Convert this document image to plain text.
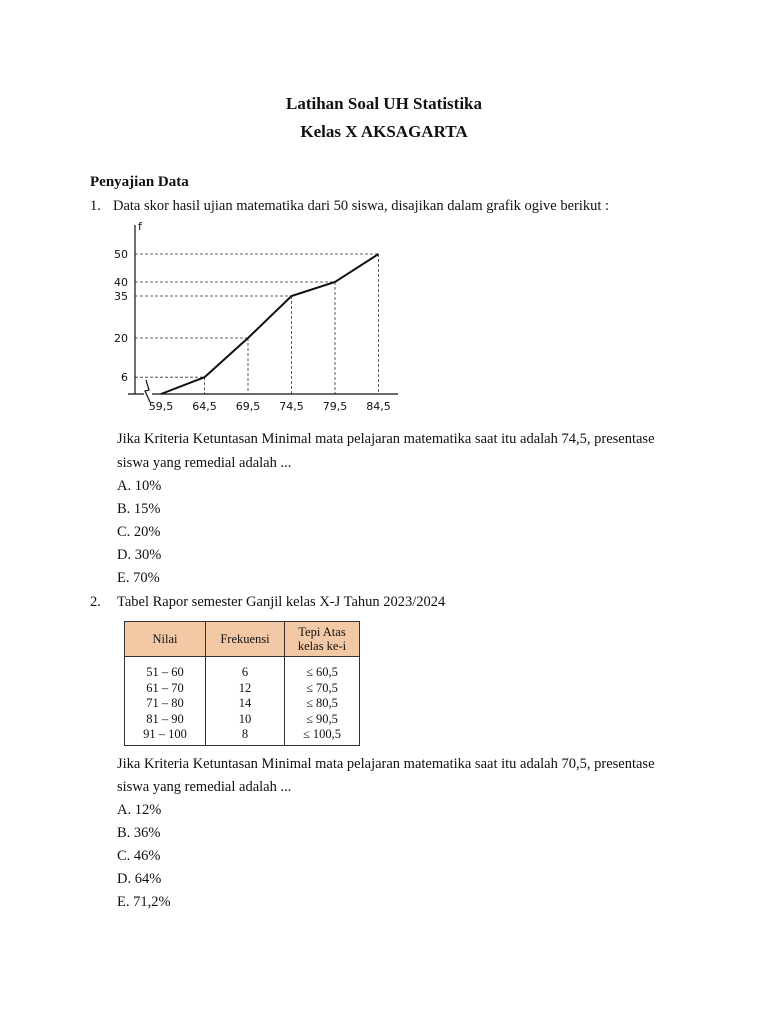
Latihan Soal UH Statistika
Kelas X AKSAGARTA
Penyajian Data
1. Data skor hasil ujian matematika dari 50 siswa, disajikan dalam grafik ogive berikut :
f
6
20
35
40
50
59,5 64,5 69,5 74,5 79,5 84,5
Jika Kriteria Ketuntasan Minimal mata pelajaran matematika saat itu adalah 74,5, presentase
siswa yang remedial adalah ...
A. 10%
B. 15%
C. 20%
D. 30%
E. 70%
2. Tabel Rapor semester Ganjil kelas X-J Tahun 2023/2024
Nilai	Frekuensi	Tepi Atas kelas ke-i

51 – 60	6	≤ 60,5
61 – 70	12	≤ 70,5
71 – 80	14	≤ 80,5
81 – 90	10	≤ 90,5
91 – 100	8	≤ 100,5
Jika Kriteria Ketuntasan Minimal mata pelajaran matematika saat itu adalah 70,5, presentase
siswa yang remedial adalah ...
A. 12%
B. 36%
C. 46%
D. 64%
E. 71,2%
